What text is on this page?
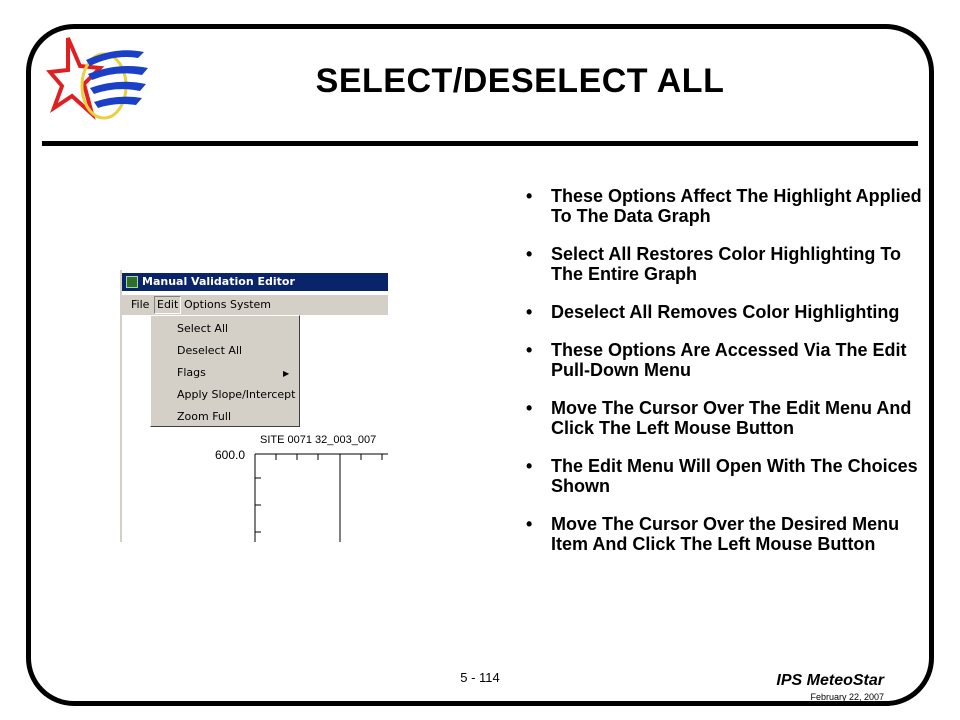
SELECT/DESELECT ALL
• These Options Affect The Highlight Applied To The Data Graph
• Select All Restores Color Highlighting To The Entire Graph
• Deselect All Removes Color Highlighting
• These Options Are Accessed Via The Edit Pull-Down Menu
• Move The Cursor Over The Edit Menu And Click The Left Mouse Button
• The Edit Menu Will Open With The Choices Shown
• Move The Cursor Over the Desired Menu Item And Click The Left Mouse Button
Manual Validation Editor
File Edit Options System
SITE 0071 32_003_007
600.0
Select All
Deselect All
Flags	▶
Apply Slope/Intercept
Zoom Full
5 - 114	IPS MeteoStar
February 22, 2007
